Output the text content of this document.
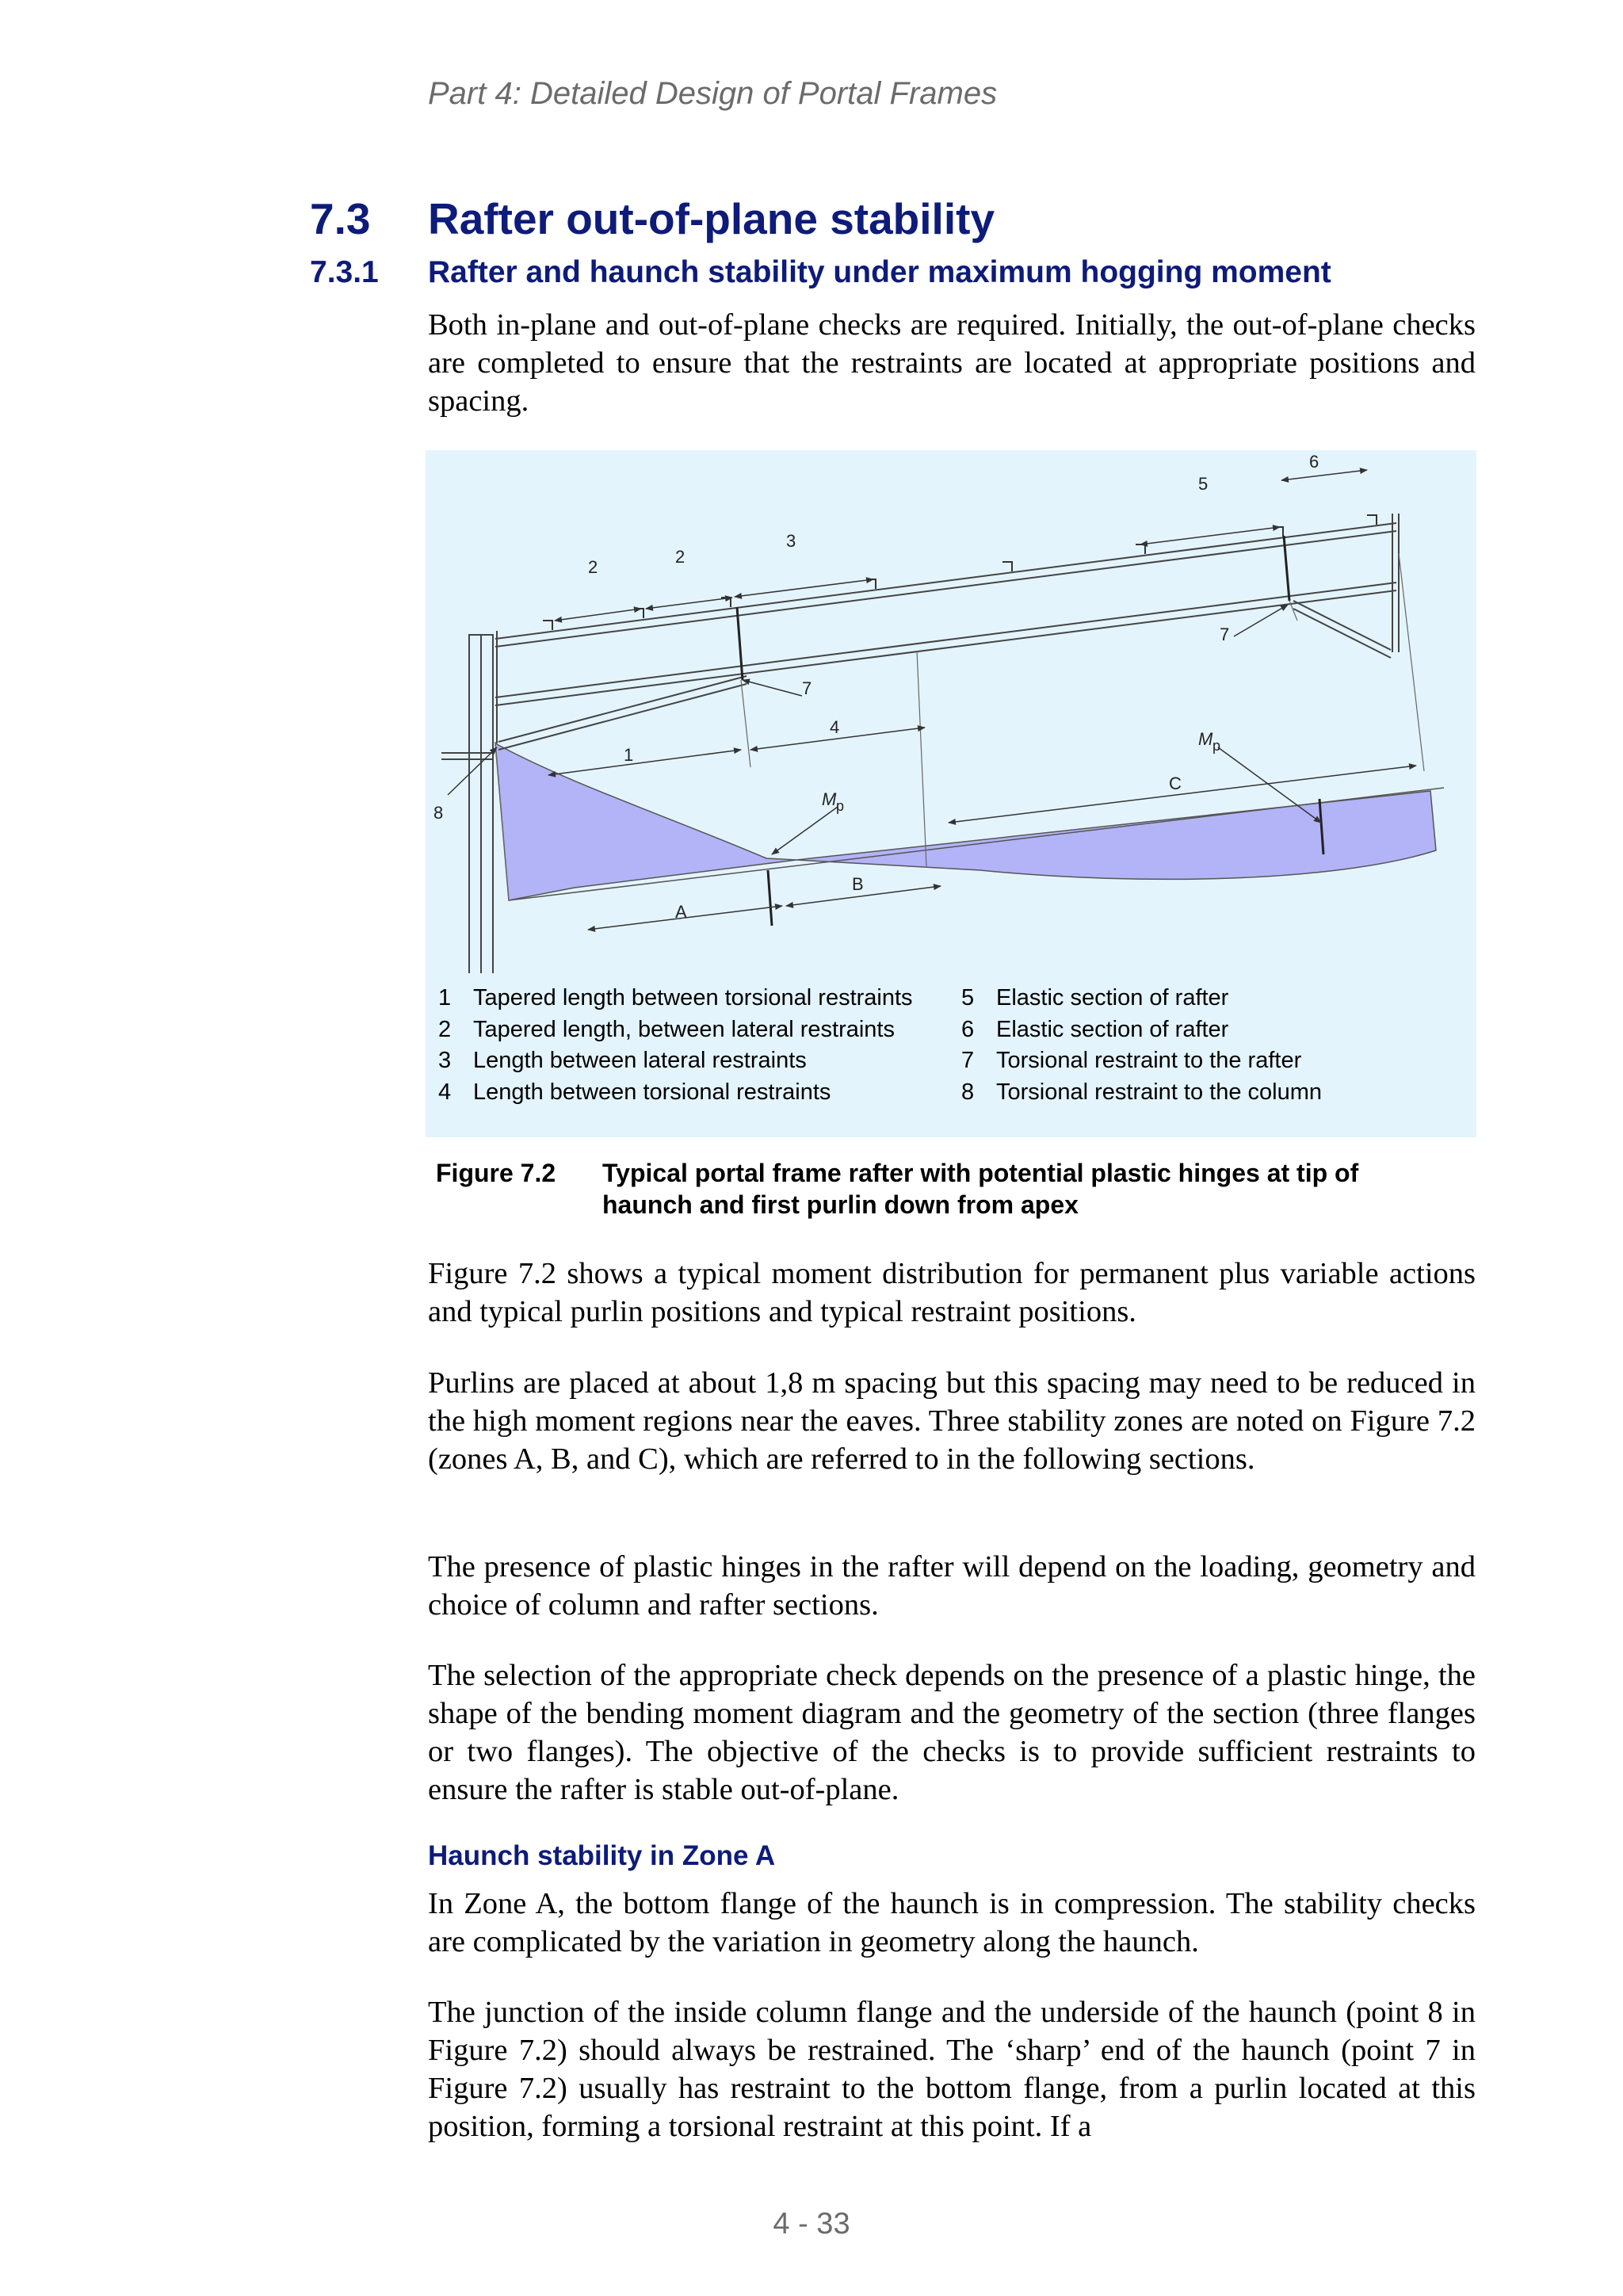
Part 4: Detailed Design of Portal Frames
7.3 Rafter out-of-plane stability
7.3.1 Rafter and haunch stability under maximum hogging moment

Both in-plane and out-of-plane checks are required. Initially, the out-of-plane checks are completed to ensure that the restraints are located at appropriate positions and spacing.

2
2
3
5
6
1
4
7
7
8
A
B
C
M p
M p
1 Tapered length between torsional restraints 5 Elastic section of rafter
2 Tapered length, between lateral restraints	6 Elastic section of rafter
3 Length between lateral restraints	7 Torsional restraint to the rafter
4 Length between torsional restraints	8 Torsional restraint to the column
Figure 7.2 Typical portal frame rafter with potential plastic hinges at tip of haunch and first purlin down from apex

Figure 7.2 shows a typical moment distribution for permanent plus variable actions and typical purlin positions and typical restraint positions.

Purlins are placed at about 1,8 m spacing but this spacing may need to be reduced in the high moment regions near the eaves. Three stability zones are noted on Figure 7.2 (zones A, B, and C), which are referred to in the following sections.

The presence of plastic hinges in the rafter will depend on the loading, geometry and choice of column and rafter sections.

The selection of the appropriate check depends on the presence of a plastic hinge, the shape of the bending moment diagram and the geometry of the section (three flanges or two flanges). The objective of the checks is to provide sufficient restraints to ensure the rafter is stable out-of-plane.

Haunch stability in Zone A

In Zone A, the bottom flange of the haunch is in compression. The stability checks are complicated by the variation in geometry along the haunch.

The junction of the inside column flange and the underside of the haunch (point 8 in Figure 7.2) should always be restrained. The ‘sharp’ end of the haunch (point 7 in Figure 7.2) usually has restraint to the bottom flange, from a purlin located at this position, forming a torsional restraint at this point. If a

4 - 33
